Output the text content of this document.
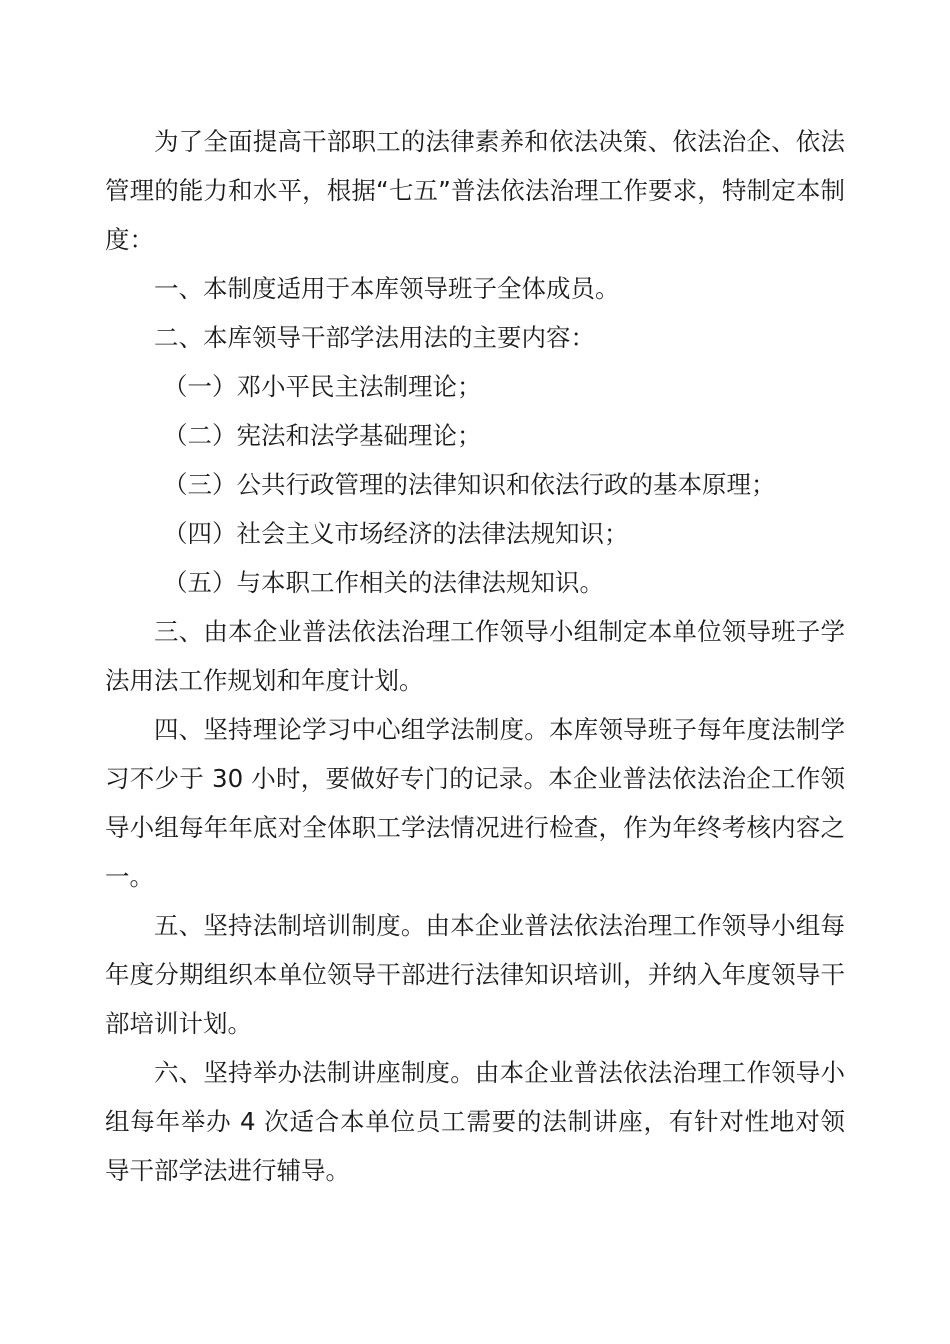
为了全面提高干部职工的法律素养和依法决策、依法治企、依法管理的能力和水平，根据“七五”普法依法治理工作要求，特制定本制度：

一、本制度适用于本库领导班子全体成员。

二、本库领导干部学法用法的主要内容：

（一）邓小平民主法制理论；

（二）宪法和法学基础理论；

（三）公共行政管理的法律知识和依法行政的基本原理；

（四）社会主义市场经济的法律法规知识；

（五）与本职工作相关的法律法规知识。

三、由本企业普法依法治理工作领导小组制定本单位领导班子学法用法工作规划和年度计划。

四、坚持理论学习中心组学法制度。本库领导班子每年度法制学习不少于 30 小时，要做好专门的记录。本企业普法依法治企工作领导小组每年年底对全体职工学法情况进行检查，作为年终考核内容之一。

五、坚持法制培训制度。由本企业普法依法治理工作领导小组每年度分期组织本单位领导干部进行法律知识培训，并纳入年度领导干部培训计划。

六、坚持举办法制讲座制度。由本企业普法依法治理工作领导小组每年举办 4 次适合本单位员工需要的法制讲座，有针对性地对领导干部学法进行辅导。
